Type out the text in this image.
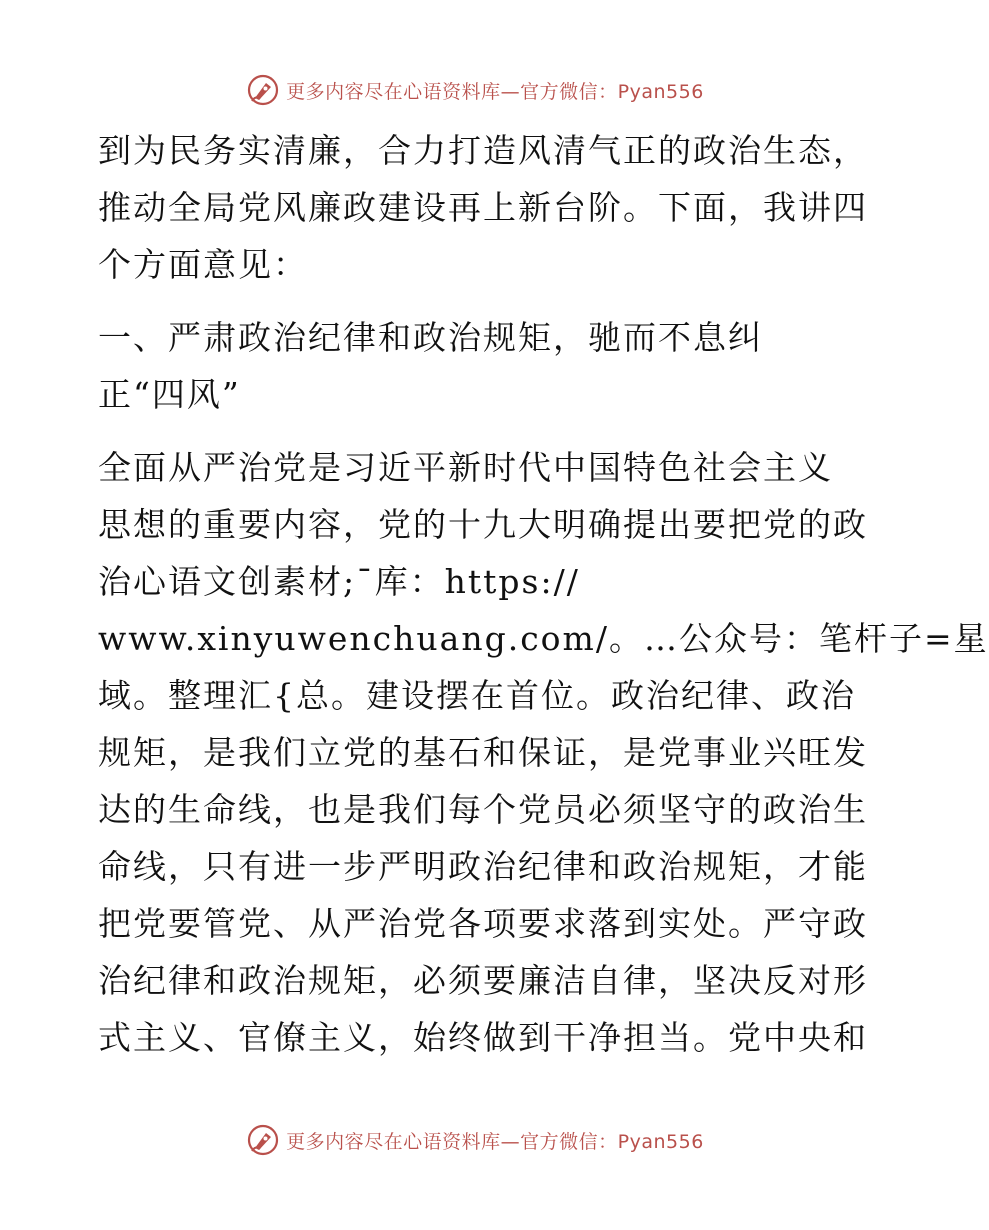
更多内容尽在心语资料库—官方微信：Pyan556
到为民务实清廉，合力打造风清气正的政治生态，
推动全局党风廉政建设再上新台阶。下面，我讲四
个方面意见：
一、严肃政治纪律和政治规矩，驰而不息纠
正“四风”
全面从严治党是习近平新时代中国特色社会主义
思想的重要内容，党的十九大明确提出要把党的政
治心语文创素材;¯库：https://
www.xinyuwenchuang.com/。…公众号：笔杆子=星
域。整理汇{总。建设摆在首位。政治纪律、政治
规矩，是我们立党的基石和保证，是党事业兴旺发
达的生命线，也是我们每个党员必须坚守的政治生
命线，只有进一步严明政治纪律和政治规矩，才能
把党要管党、从严治党各项要求落到实处。严守政
治纪律和政治规矩，必须要廉洁自律，坚决反对形
式主义、官僚主义，始终做到干净担当。党中央和
更多内容尽在心语资料库—官方微信：Pyan556
